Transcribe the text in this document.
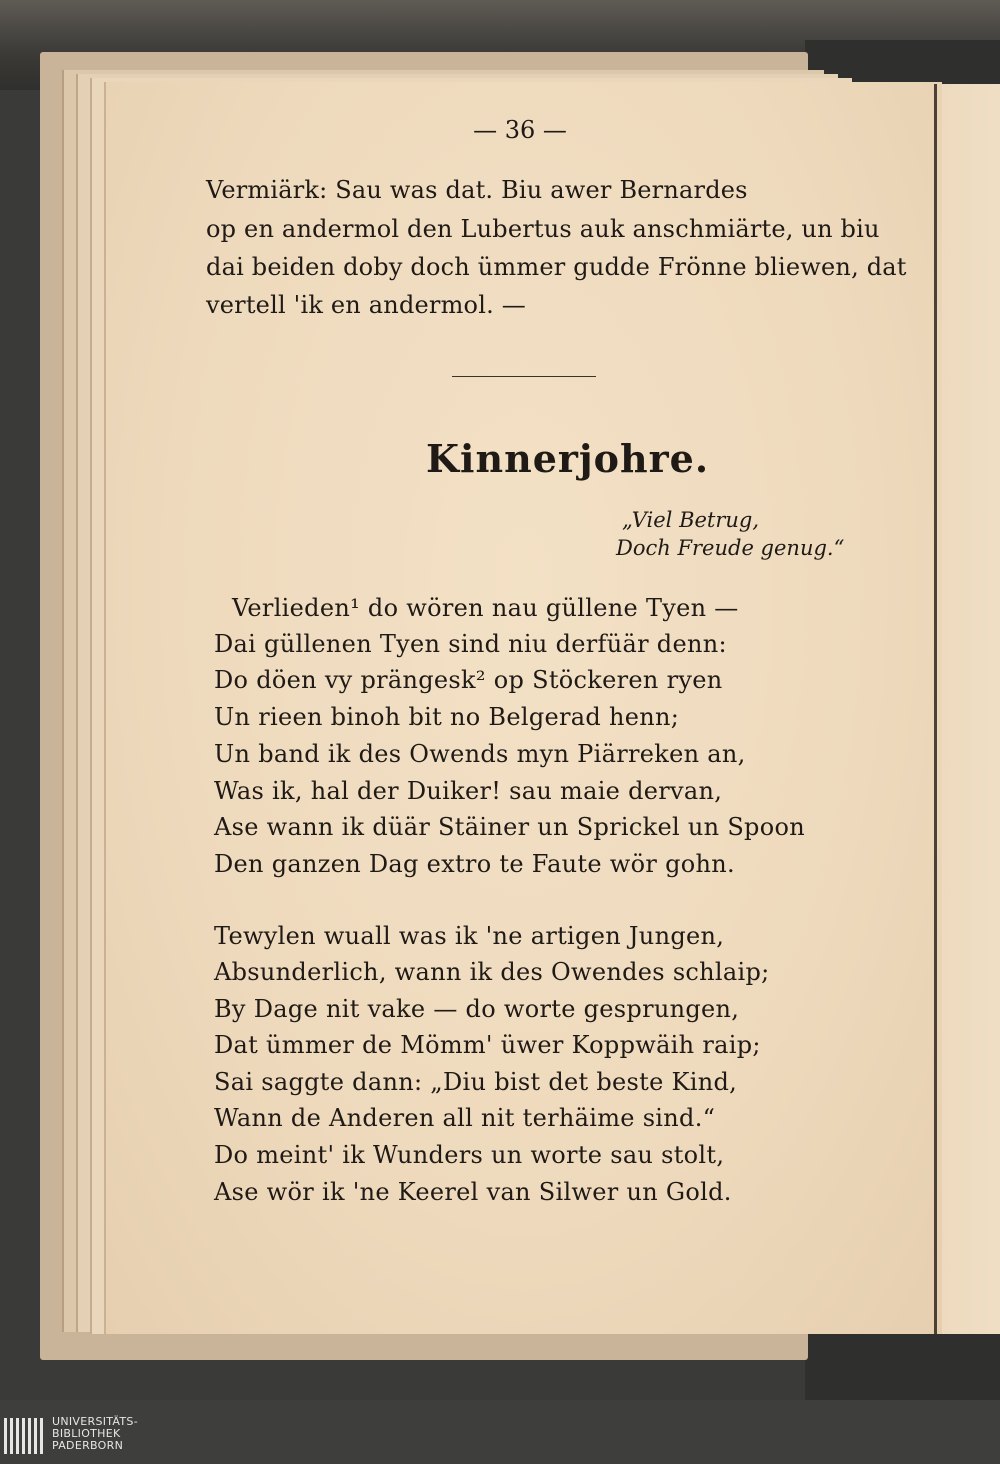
— 36 —
Vermiärk: Sau was dat. Biu awer Bernardes
op en andermol den Lubertus auk anschmiärte, un biu
dai beiden doby doch ümmer gudde Frönne bliewen, dat
vertell 'ik en andermol. —
Kinnerjohre.
„Viel Betrug,
Doch Freude genug.“
Verlieden¹ do wören nau güllene Tyen —
Dai güllenen Tyen sind niu derfüär denn:
Do döen vy prängesk² op Stöckeren ryen
Un rieen binoh bit no Belgerad henn;
Un band ik des Owends myn Piärreken an,
Was ik, hal der Duiker! sau maie dervan,
Ase wann ik düär Stäiner un Sprickel un Spoon
Den ganzen Dag extro te Faute wör gohn.
Tewylen wuall was ik 'ne artigen Jungen,
Absunderlich, wann ik des Owendes schlaip;
By Dage nit vake — do worte gesprungen,
Dat ümmer de Mömm' üwer Koppwäih raip;
Sai saggte dann: „Diu bist det beste Kind,
Wann de Anderen all nit terhäime sind.“
Do meint' ik Wunders un worte sau stolt,
Ase wör ik 'ne Keerel van Silwer un Gold.
UNIVERSITÄTS-
BIBLIOTHEK
PADERBORN
